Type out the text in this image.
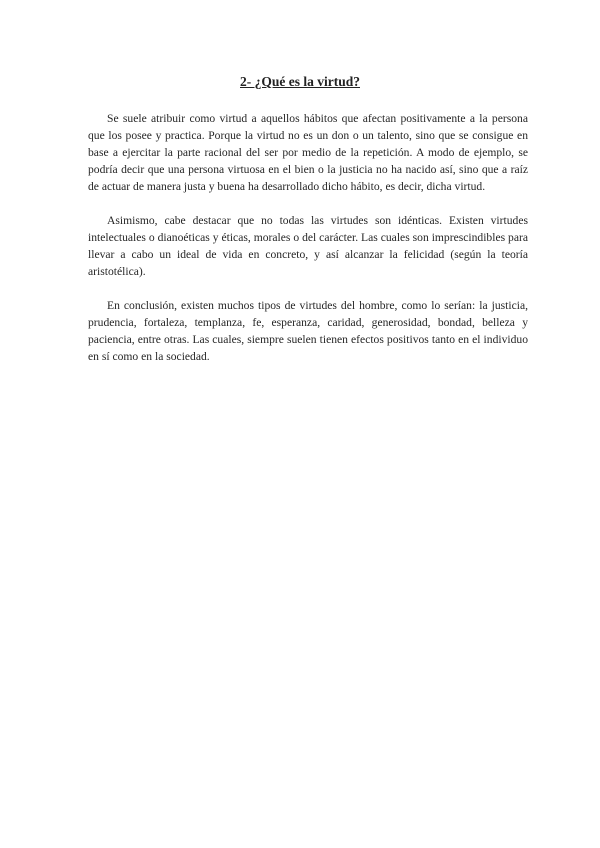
2- ¿Qué es la virtud?

Se suele atribuir como virtud a aquellos hábitos que afectan positivamente a la persona que los posee y practica. Porque la virtud no es un don o un talento, sino que se consigue en base a ejercitar la parte racional del ser por medio de la repetición. A modo de ejemplo, se podría decir que una persona virtuosa en el bien o la justicia no ha nacido así, sino que a raíz de actuar de manera justa y buena ha desarrollado dicho hábito, es decir, dicha virtud.

Asimismo, cabe destacar que no todas las virtudes son idénticas. Existen virtudes intelectuales o dianoéticas y éticas, morales o del carácter. Las cuales son imprescindibles para llevar a cabo un ideal de vida en concreto, y así alcanzar la felicidad (según la teoría aristotélica).

En conclusión, existen muchos tipos de virtudes del hombre, como lo serían: la justicia, prudencia, fortaleza, templanza, fe, esperanza, caridad, generosidad, bondad, belleza y paciencia, entre otras. Las cuales, siempre suelen tienen efectos positivos tanto en el individuo en sí como en la sociedad.
